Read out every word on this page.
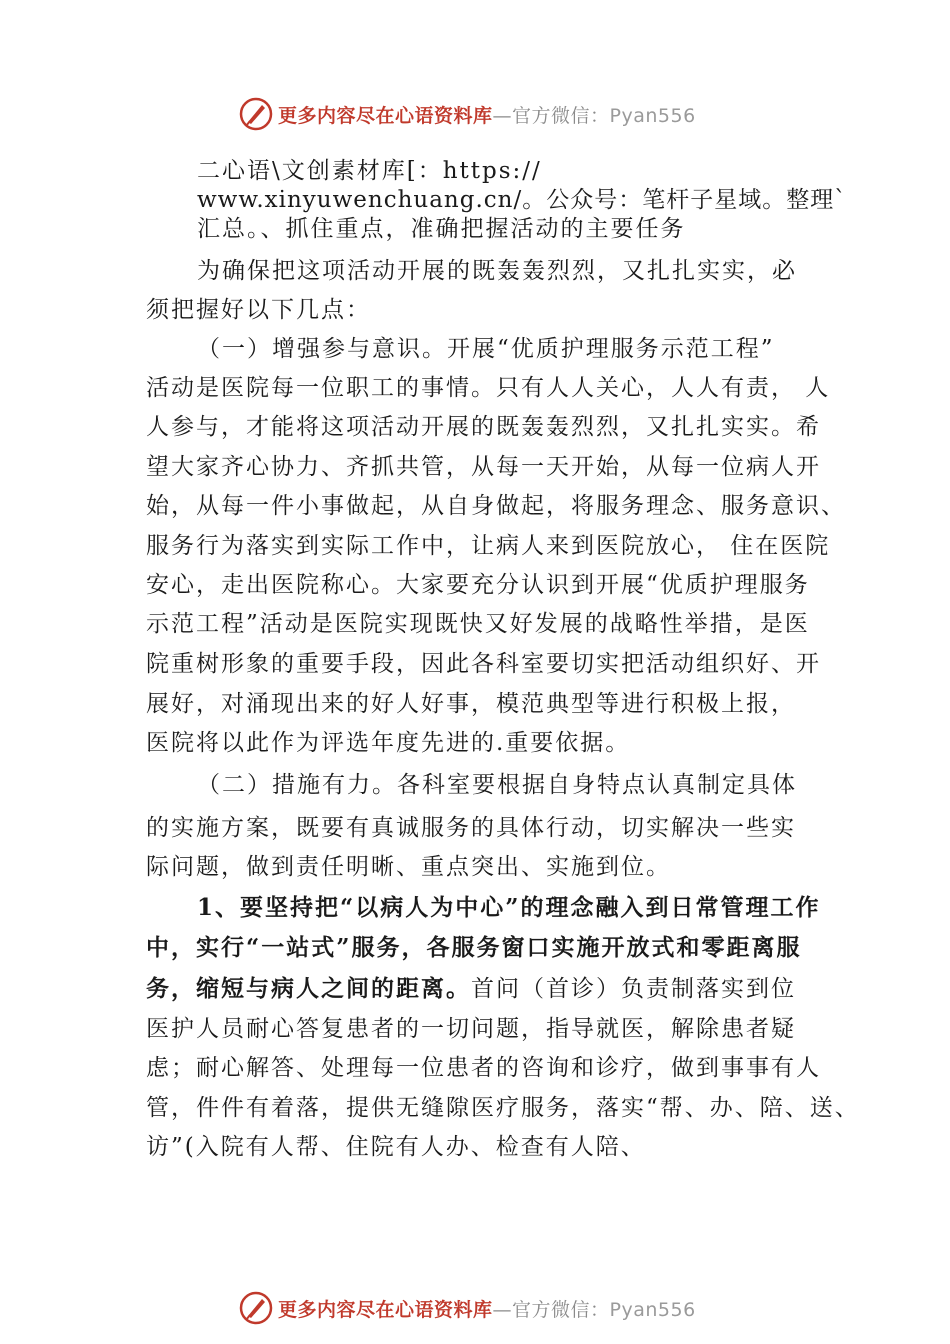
更多内容尽在心语资料库—官方微信：Pyan556
二心语\文创素材库[：https://
www.xinyuwenchuang.cn/。公众号：笔杆子星域。整理`
汇总。、抓住重点，准确把握活动的主要任务
为确保把这项活动开展的既轰轰烈烈，又扎扎实实，必
须把握好以下几点：
（一）增强参与意识。开展“优质护理服务示范工程”
活动是医院每一位职工的事情。只有人人关心，人人有责， 人
人参与，才能将这项活动开展的既轰轰烈烈，又扎扎实实。希
望大家齐心协力、齐抓共管，从每一天开始，从每一位病人开
始，从每一件小事做起，从自身做起，将服务理念、服务意识、
服务行为落实到实际工作中，让病人来到医院放心， 住在医院
安心，走出医院称心。大家要充分认识到开展“优质护理服务
示范工程”活动是医院实现既快又好发展的战略性举措，是医
院重树形象的重要手段，因此各科室要切实把活动组织好、开
展好，对涌现出来的好人好事，模范典型等进行积极上报，
医院将以此作为评选年度先进的.重要依据。
（二）措施有力。各科室要根据自身特点认真制定具体
的实施方案，既要有真诚服务的具体行动，切实解决一些实
际问题，做到责任明晰、重点突出、实施到位。
1、要坚持把“以病人为中心”的理念融入到日常管理工作
中，实行“一站式”服务，各服务窗口实施开放式和零距离服
务，缩短与病人之间的距离。首问（首诊）负责制落实到位
医护人员耐心答复患者的一切问题，指导就医，解除患者疑
虑；耐心解答、处理每一位患者的咨询和诊疗，做到事事有人
管，件件有着落，提供无缝隙医疗服务，落实“帮、办、陪、送、
访”(入院有人帮、住院有人办、检查有人陪、
更多内容尽在心语资料库—官方微信：Pyan556
